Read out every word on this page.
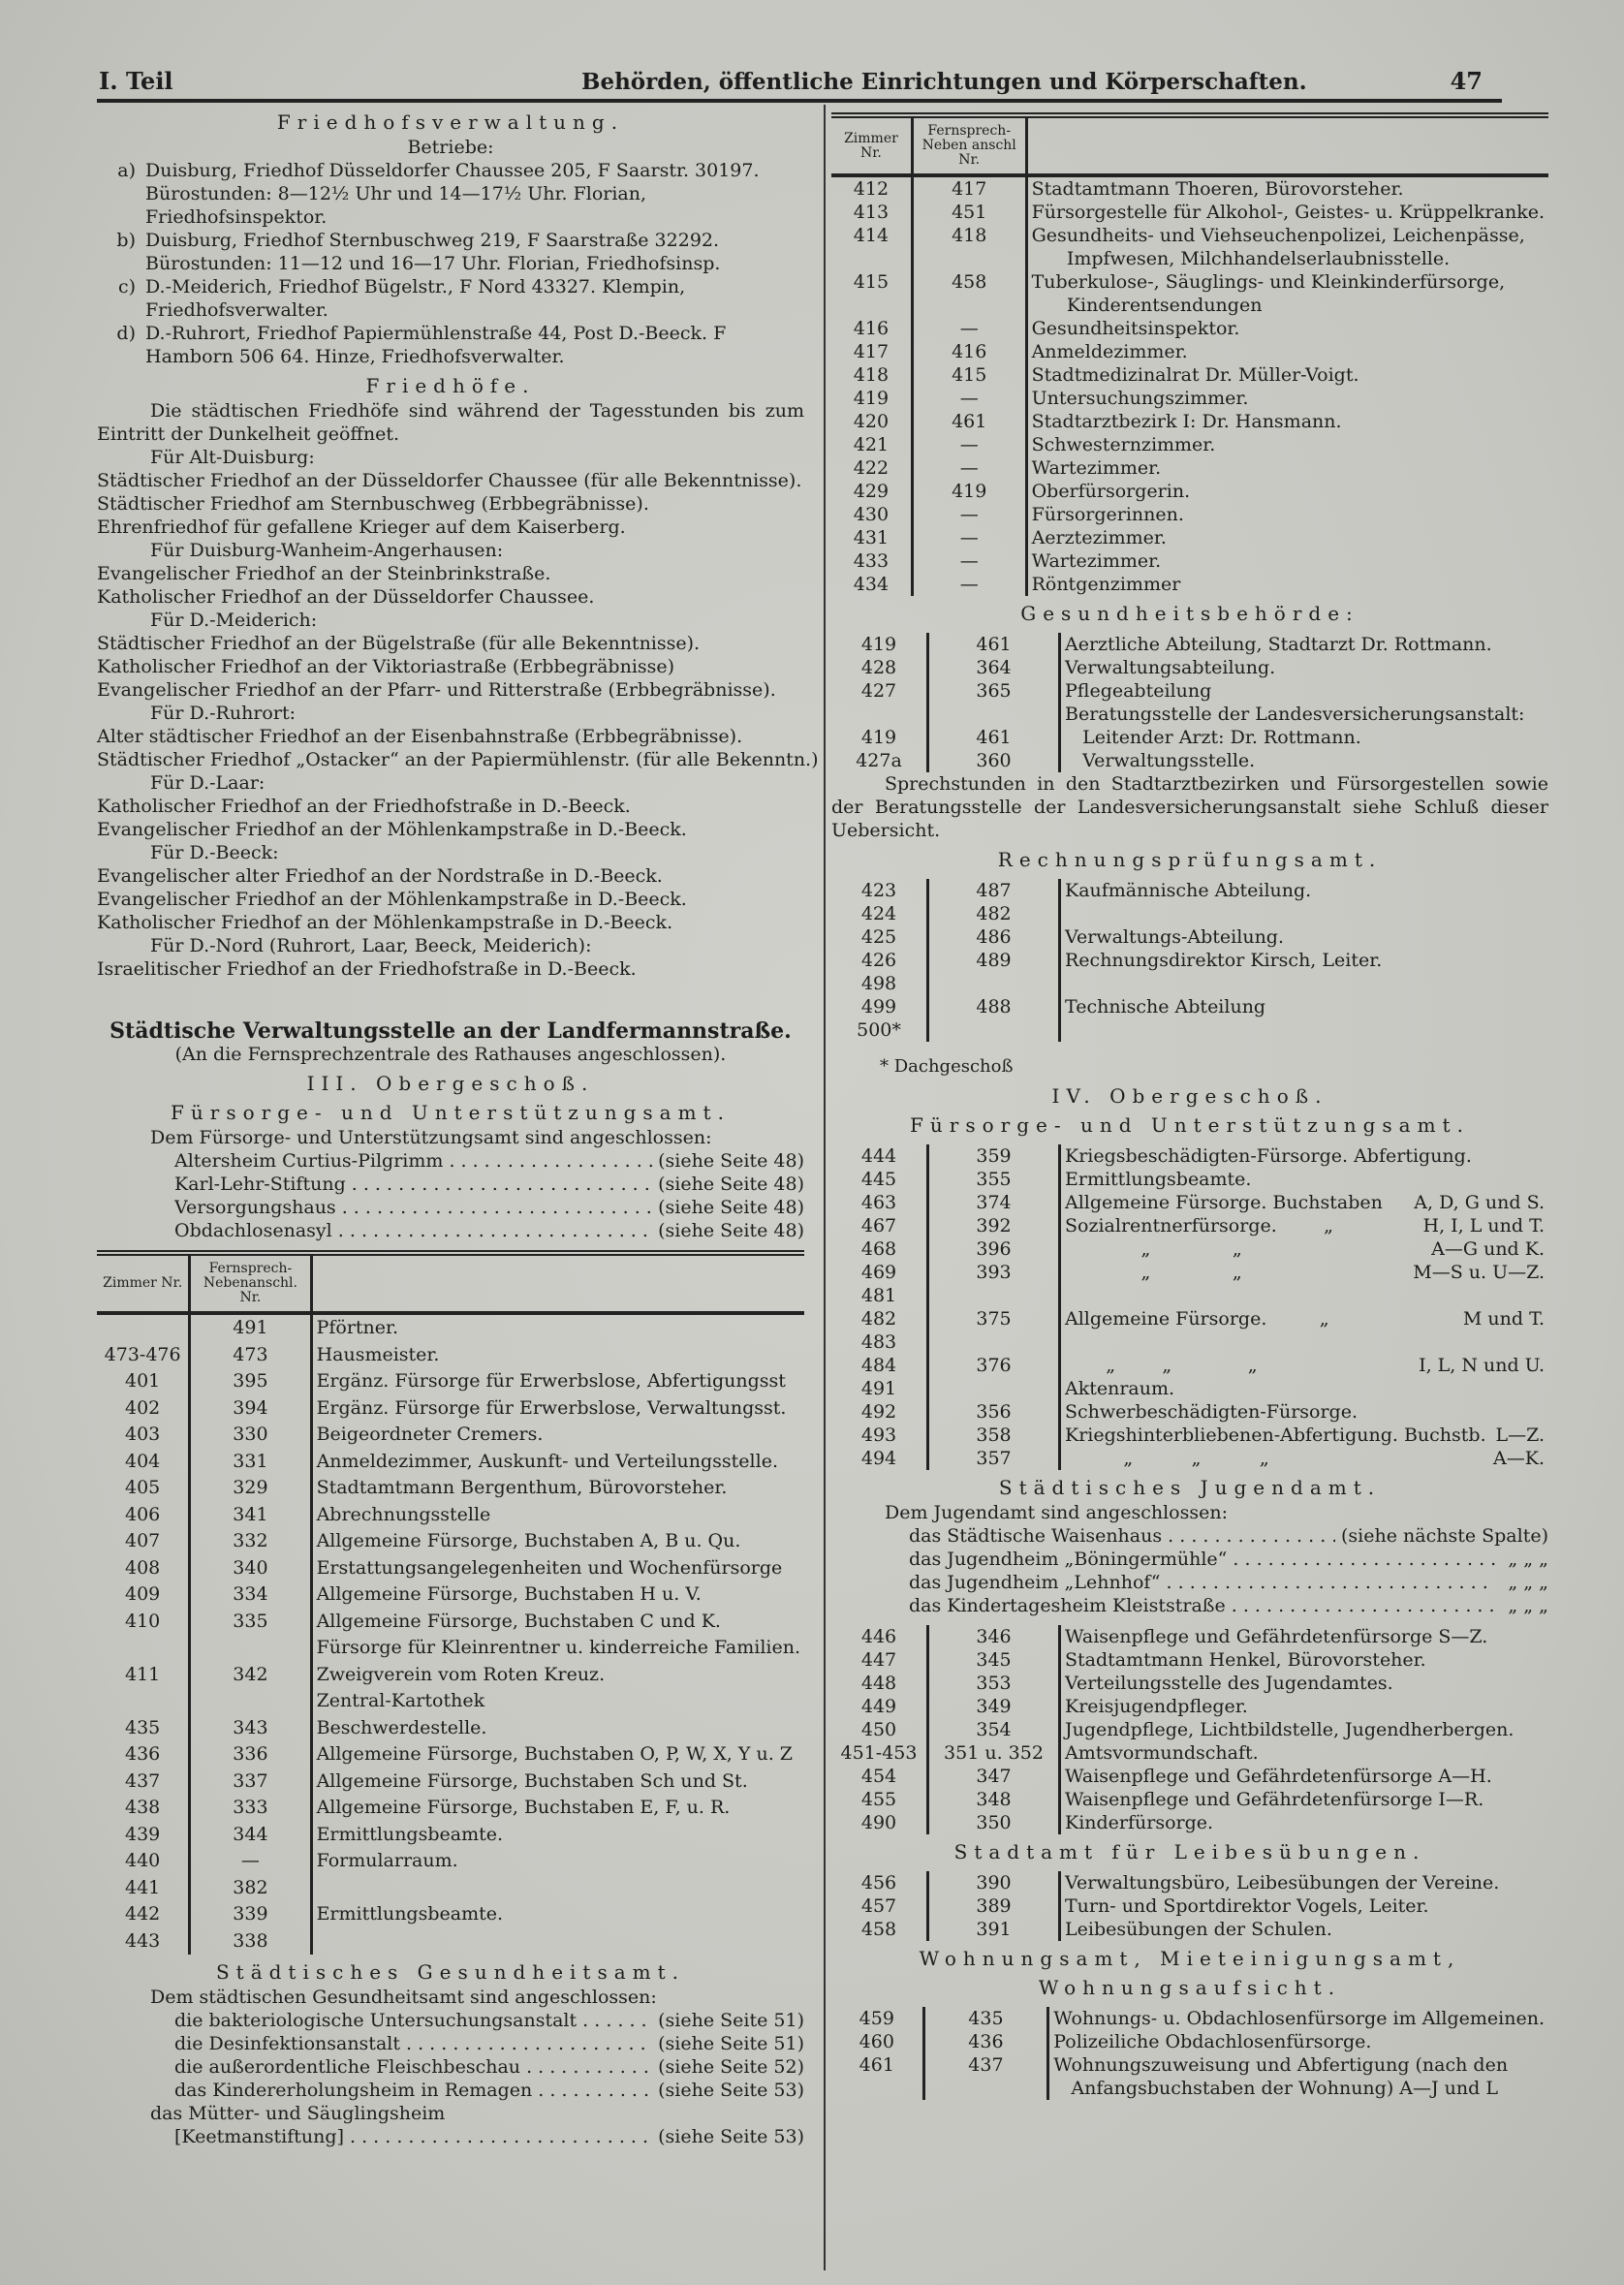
I. Teil	Behörden, öffentliche Einrichtungen und Körperschaften.	47
Friedhofsverwaltung.
Betriebe:
a) Duisburg, Friedhof Düsseldorfer Chaussee 205, F Saarstr. 30197. Bürostunden: 8—12½ Uhr und 14—17½ Uhr. Florian, Friedhofsinspektor.
b) Duisburg, Friedhof Sternbuschweg 219, F Saarstraße 32292. Bürostunden: 11—12 und 16—17 Uhr. Florian, Friedhofsinsp.
c) D.-Meiderich, Friedhof Bügelstr., F Nord 43327. Klempin, Friedhofsverwalter.
d) D.-Ruhrort, Friedhof Papiermühlenstraße 44, Post D.-Beeck. F Hamborn 506 64. Hinze, Friedhofsverwalter.
Friedhöfe.
Die städtischen Friedhöfe sind während der Tagesstunden bis zum Eintritt der Dunkelheit geöffnet.
Für Alt-Duisburg:
Städtischer Friedhof an der Düsseldorfer Chaussee (für alle Bekenntnisse).
Städtischer Friedhof am Sternbuschweg (Erbbegräbnisse).
Ehrenfriedhof für gefallene Krieger auf dem Kaiserberg.
Für Duisburg-Wanheim-Angerhausen:
Evangelischer Friedhof an der Steinbrinkstraße.
Katholischer Friedhof an der Düsseldorfer Chaussee.
Für D.-Meiderich:
Städtischer Friedhof an der Bügelstraße (für alle Bekenntnisse).
Katholischer Friedhof an der Viktoriastraße (Erbbegräbnisse)
Evangelischer Friedhof an der Pfarr- und Ritterstraße (Erbbegräbnisse).
Für D.-Ruhrort:
Alter städtischer Friedhof an der Eisenbahnstraße (Erbbegräbnisse).
Städtischer Friedhof „Ostacker“ an der Papiermühlenstr. (für alle Bekenntn.)
Für D.-Laar:
Katholischer Friedhof an der Friedhofstraße in D.-Beeck.
Evangelischer Friedhof an der Möhlenkampstraße in D.-Beeck.
Für D.-Beeck:
Evangelischer alter Friedhof an der Nordstraße in D.-Beeck.
Evangelischer Friedhof an der Möhlenkampstraße in D.-Beeck.
Katholischer Friedhof an der Möhlenkampstraße in D.-Beeck.
Für D.-Nord (Ruhrort, Laar, Beeck, Meiderich):
Israelitischer Friedhof an der Friedhofstraße in D.-Beeck.
Städtische Verwaltungsstelle an der Landfermannstraße.
(An die Fernsprechzentrale des Rathauses angeschlossen).
III. Obergeschoß.
Fürsorge- und Unterstützungsamt.
Dem Fürsorge- und Unterstützungsamt sind angeschlossen:
Altersheim Curtius-Pilgrimm . . .	(siehe Seite 48)
Karl-Lehr-Stiftung . . .	(siehe Seite 48)
Versorgungshaus . . .	(siehe Seite 48)
Obdachlosenasyl . . .	(siehe Seite 48)
Zimmer Nr.	Fernsprech-Nebenanschl. Nr.	
	491	Pförtner.
473-476	473	Hausmeister.
401	395	Ergänz. Fürsorge für Erwerbslose, Abfertigungsst
402	394	Ergänz. Fürsorge für Erwerbslose, Verwaltungsst.
403	330	Beigeordneter Cremers.
404	331	Anmeldezimmer, Auskunft- und Verteilungsstelle.
405	329	Stadtamtmann Bergenthum, Bürovorsteher.
406	341	Abrechnungsstelle
407	332	Allgemeine Fürsorge, Buchstaben A, B u. Qu.
408	340	Erstattungsangelegenheiten und Wochenfürsorge
409	334	Allgemeine Fürsorge, Buchstaben H u. V.
410	335	Allgemeine Fürsorge, Buchstaben C und K.
		Fürsorge für Kleinrentner u. kinderreiche Familien.
411	342	Zweigverein vom Roten Kreuz.
		Zentral-Kartothek
435	343	Beschwerdestelle.
436	336	Allgemeine Fürsorge, Buchstaben O, P, W, X, Y u. Z
437	337	Allgemeine Fürsorge, Buchstaben Sch und St.
438	333	Allgemeine Fürsorge, Buchstaben E, F, u. R.
439	344	Ermittlungsbeamte.
440	—	Formularraum.
441	382	
442	339	Ermittlungsbeamte.
443	338	
Städtisches Gesundheitsamt.
Dem städtischen Gesundheitsamt sind angeschlossen:
die bakteriologische Untersuchungsanstalt . . .	(siehe Seite 51)
die Desinfektionsanstalt . . .	(siehe Seite 51)
die außerordentliche Fleischbeschau . . .	(siehe Seite 52)
das Kindererholungsheim in Remagen . . .	(siehe Seite 53)
das Mütter- und Säuglingsheim
[Keetmanstiftung] . . .	(siehe Seite 53)
Zimmer Nr.	Fernsprech-Neben anschl Nr.	
412	417	Stadtamtmann Thoeren, Bürovorsteher.
413	451	Fürsorgestelle für Alkohol-, Geistes- u. Krüppelkranke.
414	418	Gesundheits- und Viehseuchenpolizei, Leichenpässe,
		Impfwesen, Milchhandelserlaubnisstelle.
415	458	Tuberkulose-, Säuglings- und Kleinkinderfürsorge,
		Kinderentsendungen
416	—	Gesundheitsinspektor.
417	416	Anmeldezimmer.
418	415	Stadtmedizinalrat Dr. Müller-Voigt.
419	—	Untersuchungszimmer.
420	461	Stadtarztbezirk I: Dr. Hansmann.
421	—	Schwesternzimmer.
422	—	Wartezimmer.
429	419	Oberfürsorgerin.
430	—	Fürsorgerinnen.
431	—	Aerztezimmer.
433	—	Wartezimmer.
434	—	Röntgenzimmer
Gesundheitsbehörde:
419	461	Aerztliche Abteilung, Stadtarzt Dr. Rottmann.
428	364	Verwaltungsabteilung.
427	365	Pflegeabteilung
		Beratungsstelle der Landesversicherungsanstalt:
419	461	Leitender Arzt: Dr. Rottmann.
427a	360	Verwaltungsstelle.
Sprechstunden in den Stadtarztbezirken und Fürsorgestellen sowie der Beratungsstelle der Landesversicherungsanstalt siehe Schluß dieser Uebersicht.
Rechnungsprüfungsamt.
423	487	Kaufmännische Abteilung.
424	482	
425	486	Verwaltungs-Abteilung.
426	489	Rechnungsdirektor Kirsch, Leiter.
498		
499	488	Technische Abteilung
500*		
* Dachgeschoß
IV. Obergeschoß.
Fürsorge- und Unterstützungsamt.
444	359	Kriegsbeschädigten-Fürsorge. Abfertigung.

445	355	Ermittlungsbeamte.

463	374	Allgemeine Fürsorge. Buchstaben A, D, G und S.

467	392	Sozialrentnerfürsorge.        „ H, I, L und T.

468	396	„              „ A—G und K.

469	393	„              „ M—S u. U—Z.

481		

482	375	Allgemeine Fürsorge.         „ M und T.

483		

484	376	„        „             „ I, L, N und U.

491		Aktenraum.

492	356	Schwerbeschädigten-Fürsorge.

493	358	Kriegshinterbliebenen-Abfertigung. Buchstb. L—Z.

494	357	„          „          „ A—K.
Städtisches Jugendamt.
Dem Jugendamt sind angeschlossen:
das Städtische Waisenhaus . . .	(siehe nächste Spalte)
das Jugendheim „Böningermühle“ . . .	„ „ „
das Jugendheim „Lehnhof“ . . .	„ „ „
das Kindertagesheim Kleiststraße . . .	„ „ „
446	346	Waisenpflege und Gefährdetenfürsorge S—Z.
447	345	Stadtamtmann Henkel, Bürovorsteher.
448	353	Verteilungsstelle des Jugendamtes.
449	349	Kreisjugendpfleger.
450	354	Jugendpflege, Lichtbildstelle, Jugendherbergen.
451-453	351 u. 352	Amtsvormundschaft.
454	347	Waisenpflege und Gefährdetenfürsorge A—H.
455	348	Waisenpflege und Gefährdetenfürsorge I—R.
490	350	Kinderfürsorge.
Stadtamt für Leibesübungen.
456	390	Verwaltungsbüro, Leibesübungen der Vereine.
457	389	Turn- und Sportdirektor Vogels, Leiter.
458	391	Leibesübungen der Schulen.
Wohnungsamt, Mieteinigungsamt,
Wohnungsaufsicht.
459	435	Wohnungs- u. Obdachlosenfürsorge im Allgemeinen.
460	436	Polizeiliche Obdachlosenfürsorge.
461	437	Wohnungszuweisung und Abfertigung (nach den
		Anfangsbuchstaben der Wohnung) A—J und L
